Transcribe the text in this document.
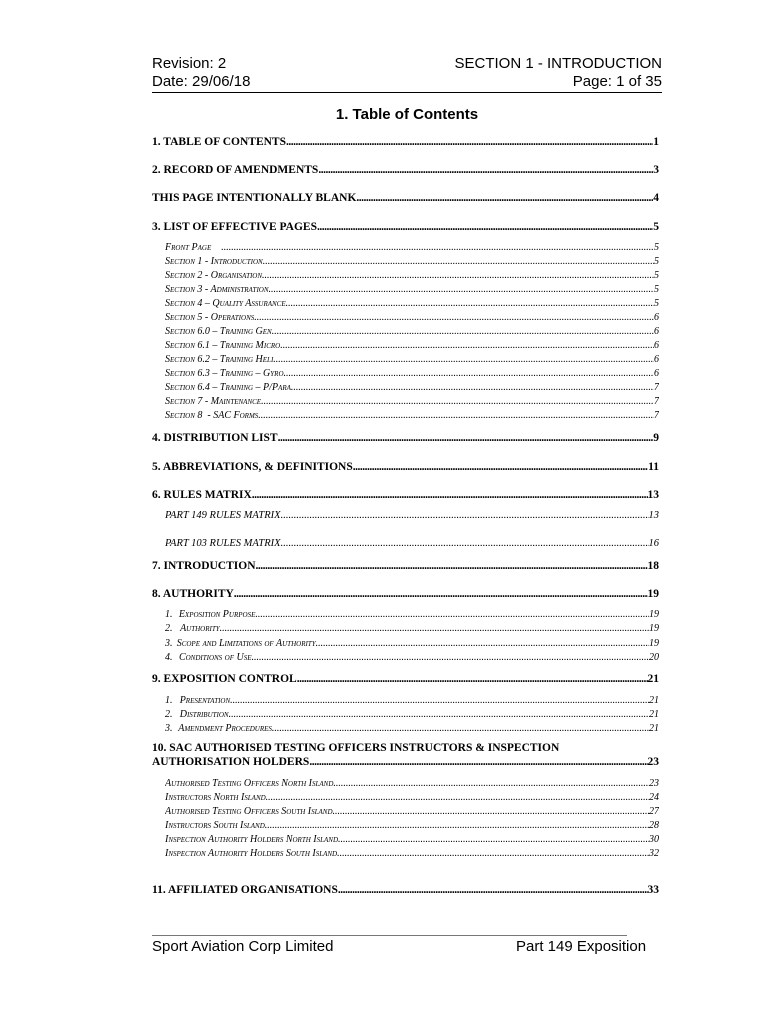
Revision: 2	SECTION 1 - INTRODUCTION
Date: 29/06/18	Page: 1 of 35
1. Table of Contents
1. TABLE OF CONTENTS .....	1
2. RECORD OF AMENDMENTS .....	3
THIS PAGE INTENTIONALLY BLANK .....	4
3. LIST OF EFFECTIVE PAGES .....	5
Front Page .....	5
Section 1 - Introduction .....	5
Section 2 - Organisation .....	5
Section 3 - Administration .....	5
Section 4 – Quality Assurance .....	5
Section 5 - Operations .....	6
Section 6.0 – Training Gen. .....	6
Section 6.1 – Training Micro. .....	6
Section 6.2 – Training Heli. .....	6
Section 6.3 – Training – Gyro. .....	6
Section 6.4 – Training – P/Para .....	7
Section 7 - Maintenance .....	7
Section 8  - SAC Forms .....	7
4. DISTRIBUTION LIST .....	9
5. ABBREVIATIONS, & DEFINITIONS .....	11
6. RULES MATRIX .....	13
PART 149 RULES MATRIX .....	13
PART 103 RULES MATRIX .....	16
7. INTRODUCTION .....	18
8. AUTHORITY .....	19
1. Exposition Purpose .....	19
2. Authority .....	19
3. Scope and Limitations of Authority .....	19
4. Conditions of Use .....	20
9. EXPOSITION CONTROL .....	21
1. Presentation .....	21
2. Distribution .....	21
3. Amendment Procedures .....	21
10. SAC AUTHORISED TESTING OFFICERS INSTRUCTORS & INSPECTION
AUTHORISATION HOLDERS .....	23
Authorised Testing Officers North Island .....	23
Instructors North Island .....	24
Authorised Testing Officers South Island .....	27
Instructors South Island .....	28
Inspection Authority Holders North Island .....	30
Inspection Authority Holders South Island .....	32
11. AFFILIATED ORGANISATIONS .....	33
Sport Aviation Corp Limited	Part 149 Exposition
